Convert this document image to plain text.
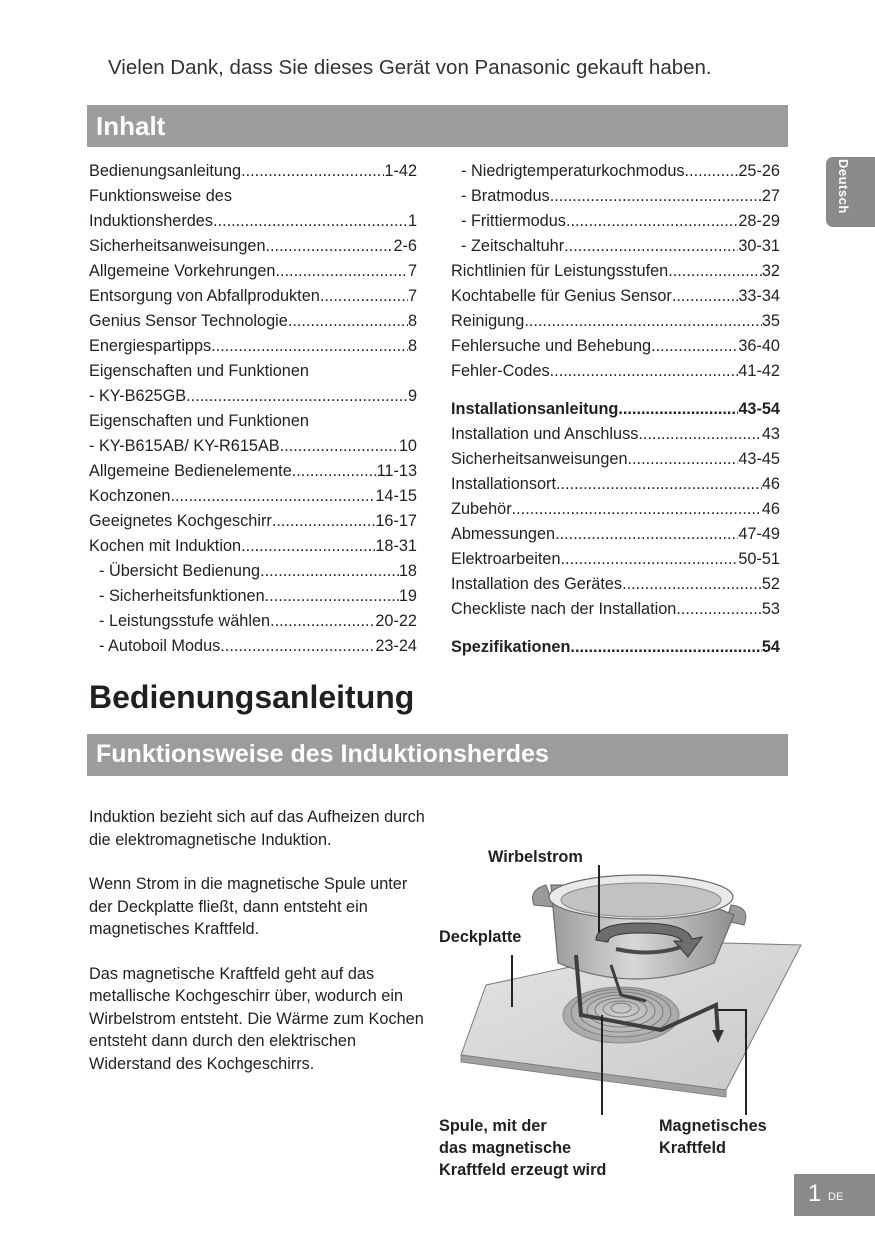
Vielen Dank, dass Sie dieses Gerät von Panasonic gekauft haben.
Inhalt
Deutsch
Bedienungsanleitung .....	1-42
Funktionsweise des
Induktionsherdes .....	1
Sicherheitsanweisungen .....	2-6
Allgemeine Vorkehrungen .....	7
Entsorgung von Abfallprodukten .....	7
Genius Sensor Technologie .....	8
Energiespartipps .....	8
Eigenschaften und Funktionen
- KY-B625GB .....	9
Eigenschaften und Funktionen
- KY-B615AB/ KY-R615AB .....	10
Allgemeine Bedienelemente .....	11-13
Kochzonen .....	14-15
Geeignetes Kochgeschirr .....	16-17
Kochen mit Induktion .....	18-31
- Übersicht Bedienung .....	18
- Sicherheitsfunktionen .....	19
- Leistungsstufe wählen .....	20-22
- Autoboil Modus .....	23-24
- Niedrigtemperaturkochmodus .....	25-26
- Bratmodus .....	27
- Frittiermodus .....	28-29
- Zeitschaltuhr .....	30-31
Richtlinien für Leistungsstufen .....	32
Kochtabelle für Genius Sensor .....	33-34
Reinigung .....	35
Fehlersuche und Behebung .....	36-40
Fehler-Codes .....	41-42
Installationsanleitung .....	43-54
Installation und Anschluss .....	43
Sicherheitsanweisungen .....	43-45
Installationsort .....	46
Zubehör .....	46
Abmessungen .....	47-49
Elektroarbeiten .....	50-51
Installation des Gerätes .....	52
Checkliste nach der Installation .....	53
Spezifikationen .....	54
Bedienungsanleitung
Funktionsweise des Induktionsherdes

Induktion bezieht sich auf das Aufheizen durch die elektromagnetische Induktion.

Wenn Strom in die magnetische Spule unter der Deckplatte fließt, dann entsteht ein magnetisches Kraftfeld.

Das magnetische Kraftfeld geht auf das metallische Kochgeschirr über, wodurch ein Wirbelstrom entsteht. Die Wärme zum Kochen entsteht dann durch den elektrischen Widerstand des Kochgeschirrs.

Wirbelstrom
Deckplatte
Spule, mit der
das magnetische
Kraftfeld erzeugt wird
Magnetisches
Kraftfeld
1 DE
